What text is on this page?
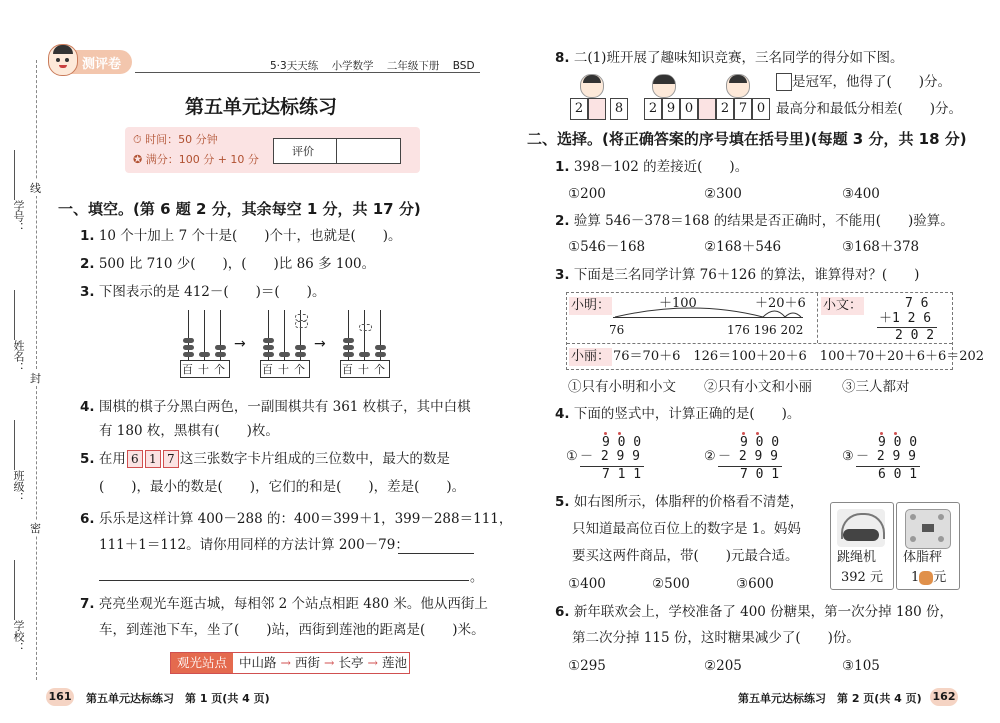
线
封
密
学号：
姓名：
班级：
学校：
测评卷	5·3天天练 小学数学 二年级下册 BSD
第五单元达标练习
⏱ 时间：50 分钟
✪ 满分：100 分 + 10 分
评价
一、填空。(第 6 题 2 分，其余每空 1 分，共 17 分)
1. 10 个十加上 7 个十是(　　)个十，也就是(　　)。
2. 500 比 710 少(　　)，(　　)比 86 多 100。
3. 下图表示的是 412－(　　)＝(　　)。
百 十 个
→
百 十 个
→
百 十 个
4. 围棋的棋子分黑白两色，一副围棋共有 361 枚棋子，其中白棋
有 180 枚，黑棋有(　　)枚。
5. 在用 6 1 7 这三张数字卡片组成的三位数中，最大的数是
(　　)，最小的数是(　　)，它们的和是(　　)，差是(　　)。
6. 乐乐是这样计算 400－288 的：400＝399＋1，399－288＝111，
111＋1＝112。请你用同样的方法计算 200－79：
。
7. 亮亮坐观光车逛古城，每相邻 2 个站点相距 480 米。他从西街上
车，到莲池下车，坐了(　　)站，西街到莲池的距离是(　　)米。
观光站点 中山路 → 西街 → 长亭 → 莲池
161 第五单元达标练习　第 1 页(共 4 页)
8. 二(1)班开展了趣味知识竞赛，三名同学的得分如下图。
2	8	2 9 0	2 7 0
是冠军，他得了(　　)分。
最高分和最低分相差(　　)分。
二、选择。(将正确答案的序号填在括号里)(每题 3 分，共 18 分)
1. 398－102 的差接近(　　)。
①200	②300	③400
2. 验算 546－378＝168 的结果是否正确时，不能用(　　)验算。
①546－168	②168＋546	③168＋378
3. 下面是三名同学计算 76＋126 的算法，谁算得对？(　　)
小明：	＋100	＋20＋6
76	176 196 202
小文：	7 6
＋1 2 6
2 0 2
小丽： 76＝70＋6　126＝100＋20＋6　100＋70＋20＋6＋6＝202
①只有小明和小文 ②只有小文和小丽 ③三人都对
4. 下面的竖式中，计算正确的是(　　)。
①
9 0 0
－ 2 9 9
7 1 1
②
9 0 0
－ 2 9 9
7 0 1
③
9 0 0
－ 2 9 9
6 0 1
5. 如右图所示，体脂秤的价格看不清楚，
只知道最高位百位上的数字是 1。妈妈
要买这两件商品，带(　　)元最合适。
①400	②500	③600
跳绳机
392 元
体脂秤
1 元
6. 新年联欢会上，学校准备了 400 份糖果，第一次分掉 180 份，
第二次分掉 115 份，这时糖果减少了(　　)份。
①295	②205	③105
第五单元达标练习　第 2 页(共 4 页) 162
